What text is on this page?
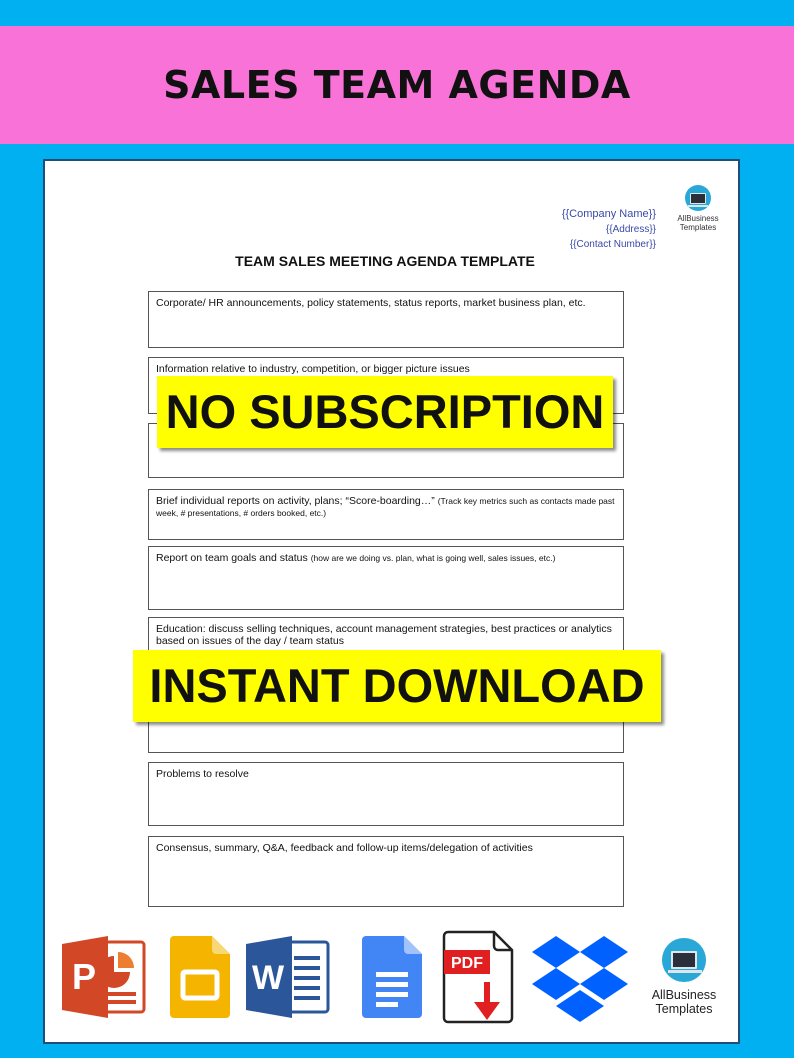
SALES TEAM AGENDA
{{Company Name}}
{{Address}}
{{Contact Number}}
AllBusiness
Templates
TEAM SALES MEETING AGENDA TEMPLATE
Corporate/ HR announcements, policy statements, status reports, market business plan, etc.
Information relative to industry, competition, or bigger picture issues
Brief individual reports on activity, plans; “Score-boarding…” (Track key metrics such as contacts made past week, # presentations, # orders booked, etc.)
Report on team goals and status (how are we doing vs. plan, what is going well, sales issues, etc.)
Education: discuss selling techniques, account management strategies, best practices or analytics based on issues of the day / team status
Problems to resolve
Consensus, summary, Q&A, feedback and follow-up items/delegation of activities
NO SUBSCRIPTION
INSTANT DOWNLOAD
P	W	PDF
AllBusiness
Templates
